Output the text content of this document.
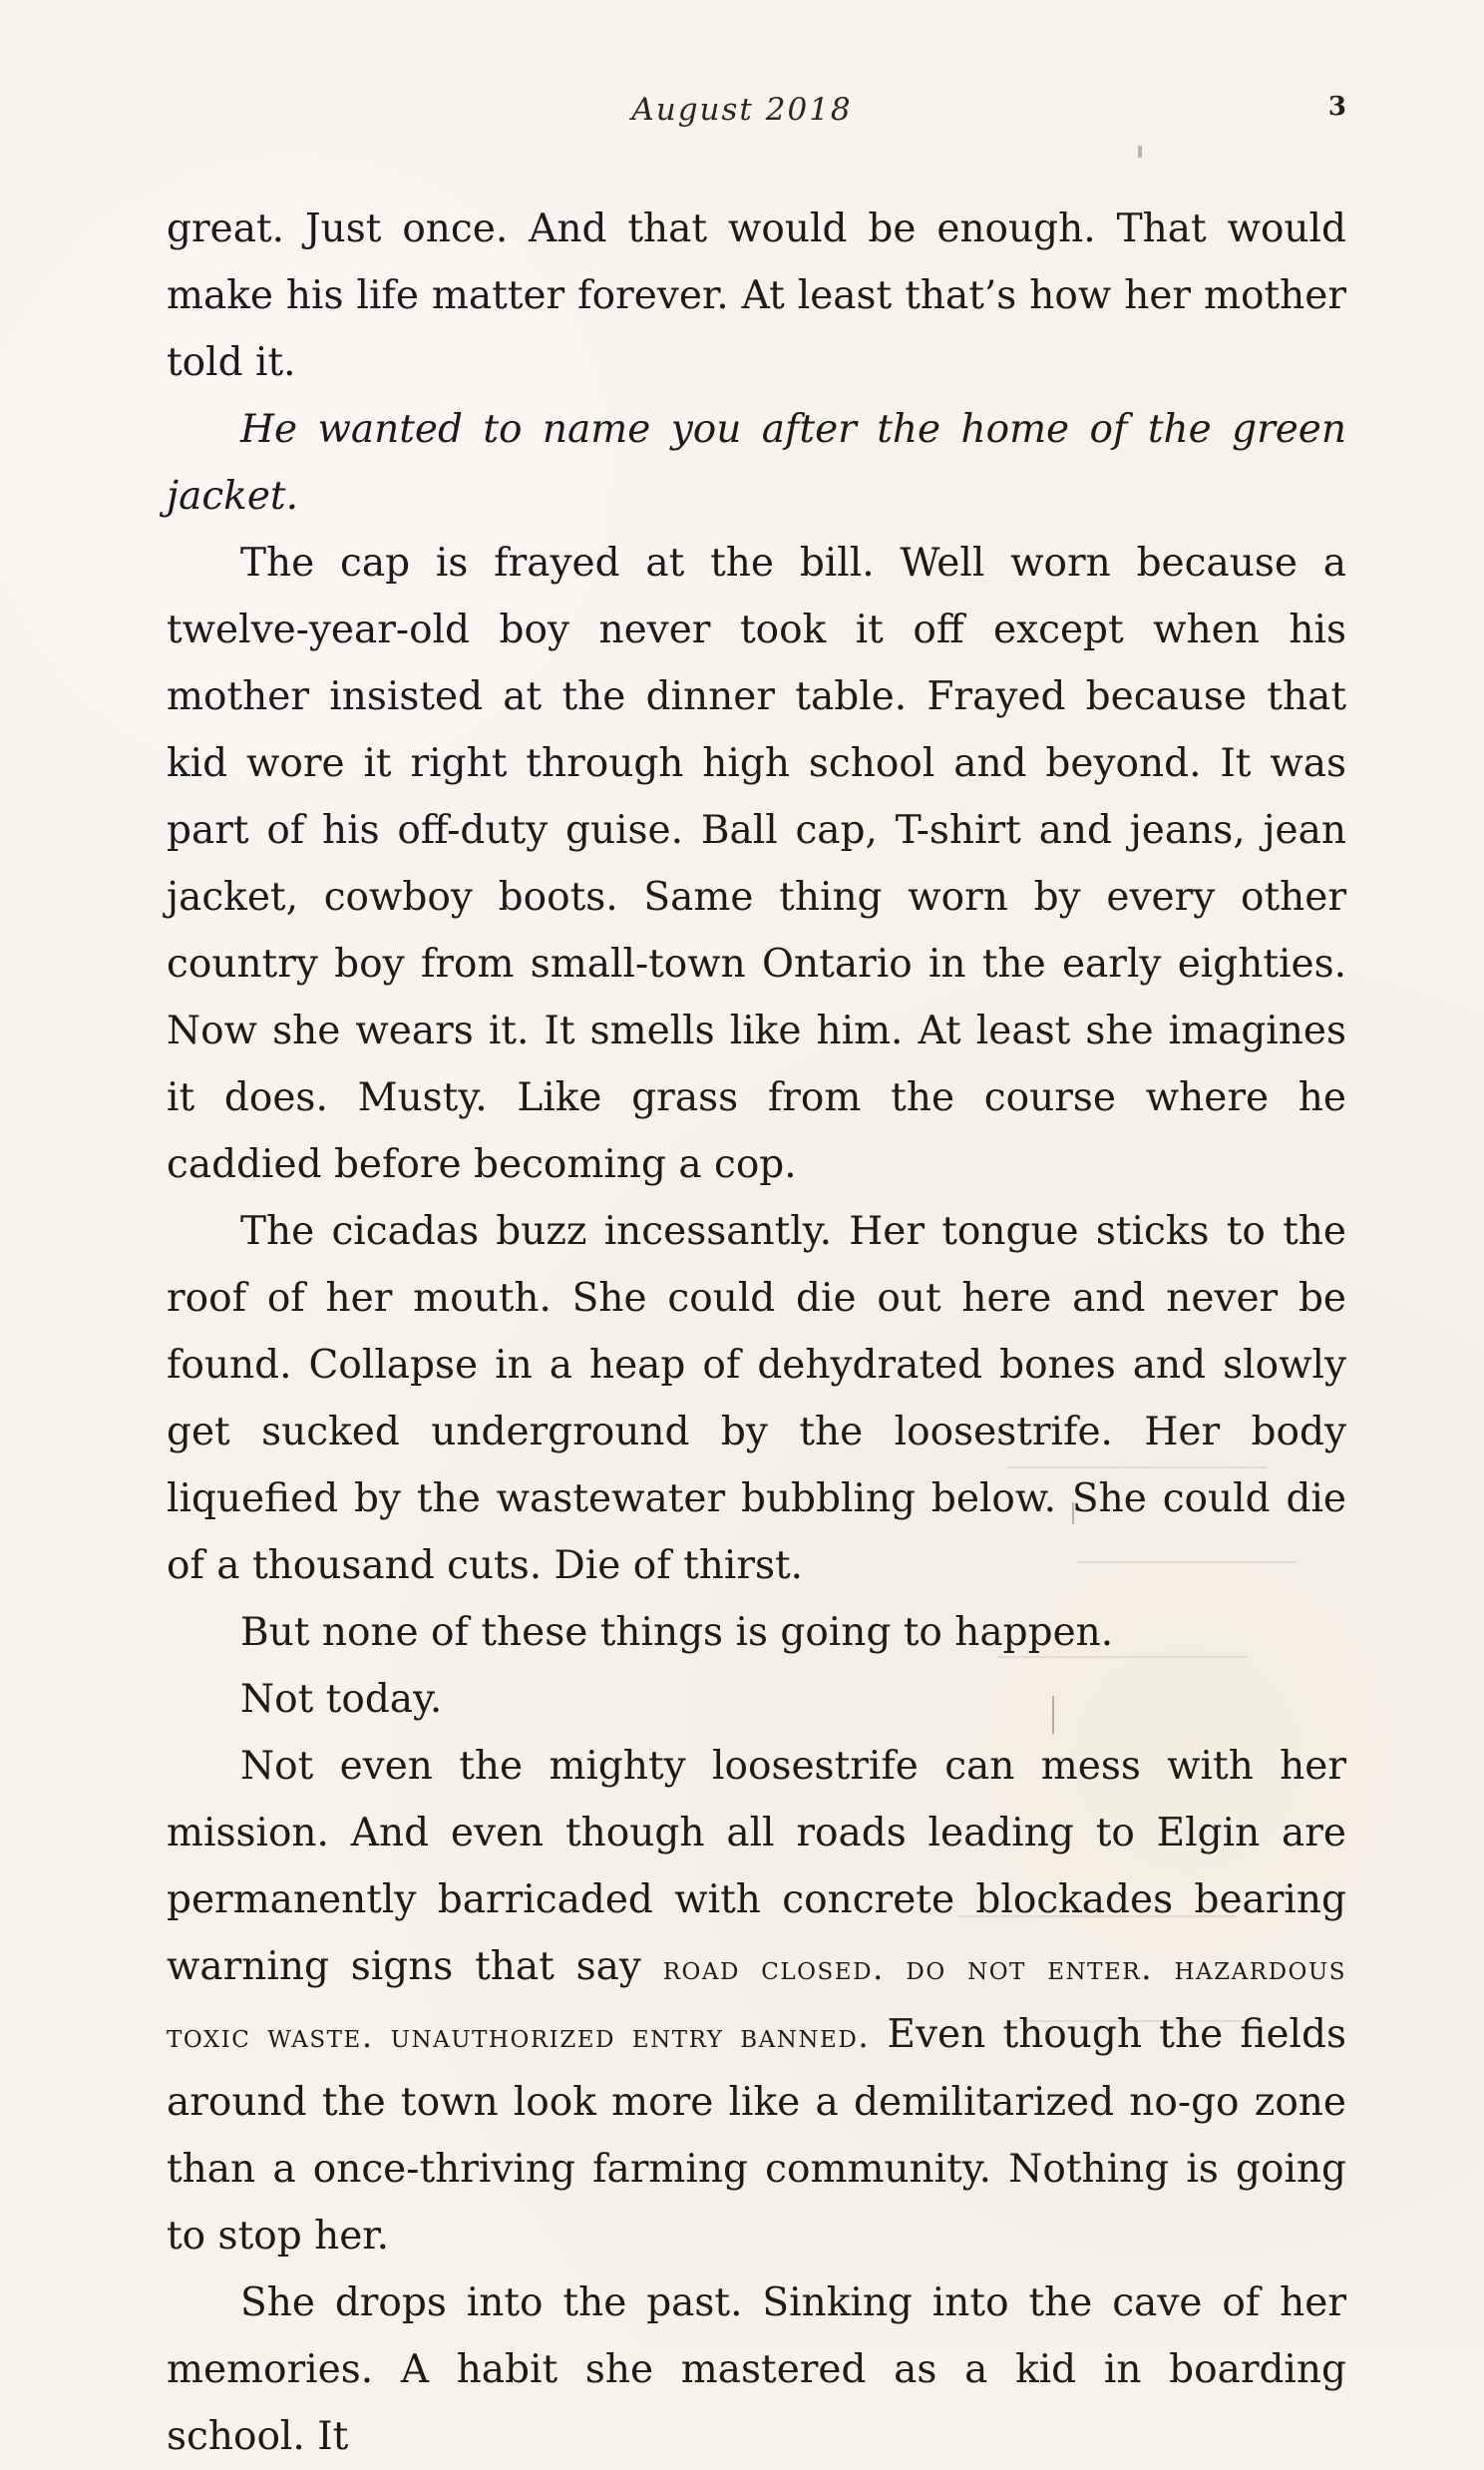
August 2018	3

great. Just once. And that would be enough. That would make his life matter forever. At least that’s how her mother told it.

He wanted to name you after the home of the green jacket.

The cap is frayed at the bill. Well worn because a twelve-year-old boy never took it off except when his mother insisted at the dinner table. Frayed because that kid wore it right through high school and beyond. It was part of his off-duty guise. Ball cap, T-shirt and jeans, jean jacket, cowboy boots. Same thing worn by every other country boy from small-town Ontario in the early eighties. Now she wears it. It smells like him. At least she imagines it does. Musty. Like grass from the course where he caddied before becoming a cop.

The cicadas buzz incessantly. Her tongue sticks to the roof of her mouth. She could die out here and never be found. Collapse in a heap of dehydrated bones and slowly get sucked underground by the loosestrife. Her body liquefied by the wastewater bubbling below. She could die of a thousand cuts. Die of thirst.

But none of these things is going to happen.

Not today.

Not even the mighty loosestrife can mess with her mission. And even though all roads leading to Elgin are permanently barricaded with concrete blockades bearing warning signs that say road closed. do not enter. hazardous toxic waste. unauthorized entry banned. Even though the fields around the town look more like a demilitarized no-go zone than a once-thriving farming community. Nothing is going to stop her.

She drops into the past. Sinking into the cave of her memories. A habit she mastered as a kid in boarding school. It
